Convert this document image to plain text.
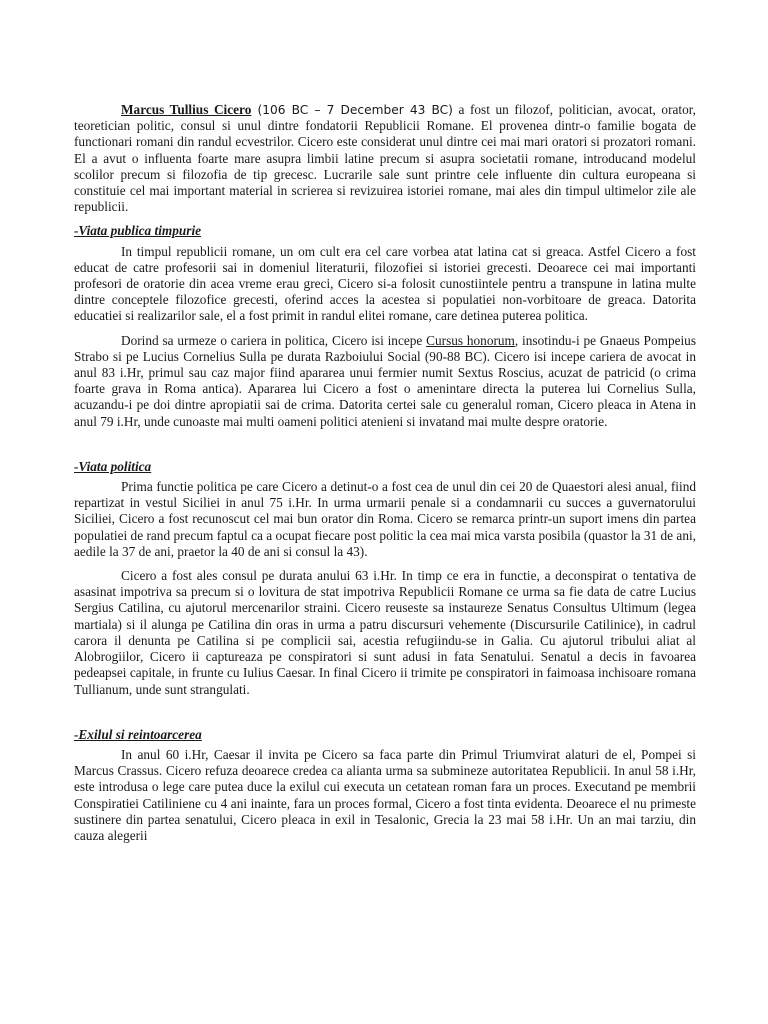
Marcus Tullius Cicero (106 BC – 7 December 43 BC) a fost un filozof, politician, avocat, orator, teoretician politic, consul si unul dintre fondatorii Republicii Romane. El provenea dintr-o familie bogata de functionari romani din randul ecvestrilor. Cicero este considerat unul dintre cei mai mari oratori si prozatori romani. El a avut o influenta foarte mare asupra limbii latine precum si asupra societatii romane, introducand modelul scolilor precum si filozofia de tip grecesc. Lucrarile sale sunt printre cele influente din cultura europeana si constituie cel mai important material in scrierea si revizuirea istoriei romane, mai ales din timpul ultimelor zile ale republicii.

-Viata publica timpurie

In timpul republicii romane, un om cult era cel care vorbea atat latina cat si greaca. Astfel Cicero a fost educat de catre profesorii sai in domeniul literaturii, filozofiei si istoriei grecesti. Deoarece cei mai importanti profesori de oratorie din acea vreme erau greci, Cicero si-a folosit cunostiintele pentru a transpune in latina multe dintre conceptele filozofice grecesti, oferind acces la acestea si populatiei non-vorbitoare de greaca. Datorita educatiei si realizarilor sale, el a fost primit in randul elitei romane, care detinea puterea politica.

Dorind sa urmeze o cariera in politica, Cicero isi incepe Cursus honorum, insotindu-i pe Gnaeus Pompeius Strabo si pe Lucius Cornelius Sulla pe durata Razboiului Social (90-88 BC). Cicero isi incepe cariera de avocat in anul 83 i.Hr, primul sau caz major fiind apararea unui fermier numit Sextus Roscius, acuzat de patricid (o crima foarte grava in Roma antica). Apararea lui Cicero a fost o amenintare directa la puterea lui Cornelius Sulla, acuzandu-i pe doi dintre apropiatii sai de crima. Datorita certei sale cu generalul roman, Cicero pleaca in Atena in anul 79 i.Hr, unde cunoaste mai multi oameni politici atenieni si invatand mai multe despre oratorie.

-Viata politica

Prima functie politica pe care Cicero a detinut-o a fost cea de unul din cei 20 de Quaestori alesi anual, fiind repartizat in vestul Siciliei in anul 75 i.Hr. In urma urmarii penale si a condamnarii cu succes a guvernatorului Siciliei, Cicero a fost recunoscut cel mai bun orator din Roma. Cicero se remarca printr-un suport imens din partea populatiei de rand precum faptul ca a ocupat fiecare post politic la cea mai mica varsta posibila (quastor la 31 de ani, aedile la 37 de ani, praetor la 40 de ani si consul la 43).

Cicero a fost ales consul pe durata anului 63 i.Hr. In timp ce era in functie, a deconspirat o tentativa de asasinat impotriva sa precum si o lovitura de stat impotriva Republicii Romane ce urma sa fie data de catre Lucius Sergius Catilina, cu ajutorul mercenarilor straini. Cicero reuseste sa instaureze Senatus Consultus Ultimum (legea martiala) si il alunga pe Catilina din oras in urma a patru discursuri vehemente (Discursurile Catilinice), in cadrul carora il denunta pe Catilina si pe complicii sai, acestia refugiindu-se in Galia. Cu ajutorul tribului aliat al Alobrogiilor, Cicero ii captureaza pe conspiratori si sunt adusi in fata Senatului. Senatul a decis in favoarea pedeapsei capitale, in frunte cu Iulius Caesar. In final Cicero ii trimite pe conspiratori in faimoasa inchisoare romana Tullianum, unde sunt strangulati.

-Exilul si reintoarcerea

In anul 60 i.Hr, Caesar il invita pe Cicero sa faca parte din Primul Triumvirat alaturi de el, Pompei si Marcus Crassus. Cicero refuza deoarece credea ca alianta urma sa submineze autoritatea Republicii. In anul 58 i.Hr, este introdusa o lege care putea duce la exilul cui executa un cetatean roman fara un proces. Executand pe membrii Conspiratiei Catiliniene cu 4 ani inainte, fara un proces formal, Cicero a fost tinta evidenta. Deoarece el nu primeste sustinere din partea senatului, Cicero pleaca in exil in Tesalonic, Grecia la 23 mai 58 i.Hr. Un an mai tarziu, din cauza alegerii
